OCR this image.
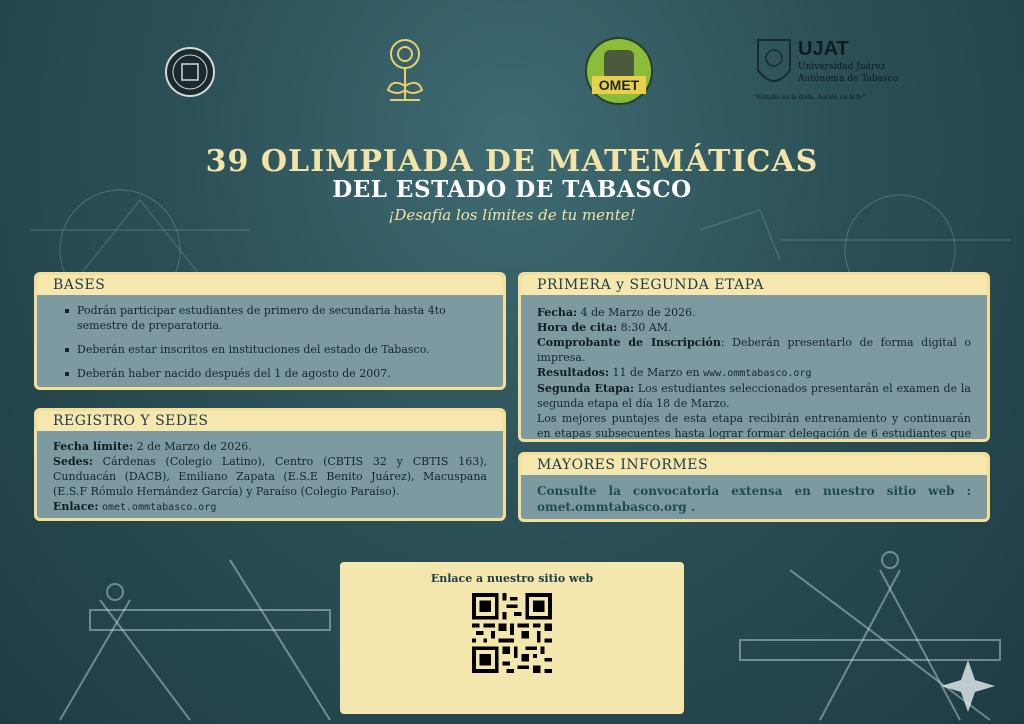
OMET
UJAT
Universidad Juárez
Autónoma de Tabasco
"Estudio en la duda. Acción en la fe"
39 OLIMPIADA DE MATEMÁTICAS
DEL ESTADO DE TABASCO
¡Desafía los límites de tu mente!
BASES
Podrán participar estudiantes de primero de secundaria hasta 4to semestre de preparatoria.
Deberán estar inscritos en instituciones del estado de Tabasco.
Deberán haber nacido después del 1 de agosto de 2007.
REGISTRO Y SEDES
Fecha límite: 2 de Marzo de 2026.
Sedes: Cárdenas (Colegio Latino), Centro (CBTIS 32 y CBTIS 163), Cunduacán (DACB), Emiliano Zapata (E.S.E Benito Juárez), Macuspana (E.S.F Rómulo Hernández García) y Paraíso (Colegio Paraíso).
Enlace: omet.ommtabasco.org
PRIMERA y SEGUNDA ETAPA
Fecha: 4 de Marzo de 2026.
Hora de cita: 8:30 AM.
Comprobante de Inscripción: Deberán presentarlo de forma digital o impresa.
Resultados: 11 de Marzo en www.ommtabasco.org
Segunda Etapa: Los estudiantes seleccionados presentarán el examen de la segunda etapa el día 18 de Marzo.
Los mejores puntajes de esta etapa recibirán entrenamiento y continuarán en etapas subsecuentes hasta lograr formar delegación de 6 estudiantes que
MAYORES INFORMES
Consulte la convocatoria extensa en nuestro sitio web : omet.ommtabasco.org .
Enlace a nuestro sitio web
